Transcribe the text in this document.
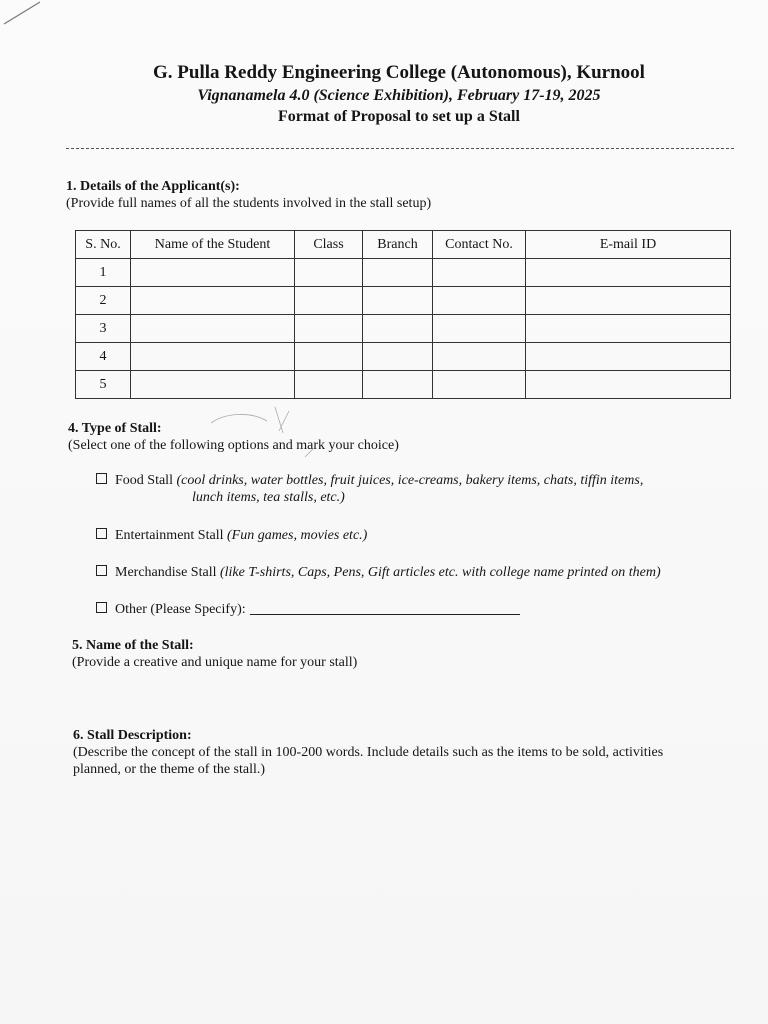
G. Pulla Reddy Engineering College (Autonomous), Kurnool
Vignanamela 4.0 (Science Exhibition), February 17-19, 2025
Format of Proposal to set up a Stall
1. Details of the Applicant(s):
(Provide full names of all the students involved in the stall setup)
S. No.	Name of the Student	Class	Branch	Contact No.	E-mail ID
1					
2					
3					
4					
5					
4. Type of Stall:
(Select one of the following options and mark your choice)
Food Stall (cool drinks, water bottles, fruit juices, ice-creams, bakery items, chats, tiffin items,
lunch items, tea stalls, etc.)
Entertainment Stall (Fun games, movies etc.)
Merchandise Stall (like T-shirts, Caps, Pens, Gift articles etc. with college name printed on them)
Other (Please Specify):
5. Name of the Stall:
(Provide a creative and unique name for your stall)
6. Stall Description:
(Describe the concept of the stall in 100-200 words. Include details such as the items to be sold, activities
planned, or the theme of the stall.)
